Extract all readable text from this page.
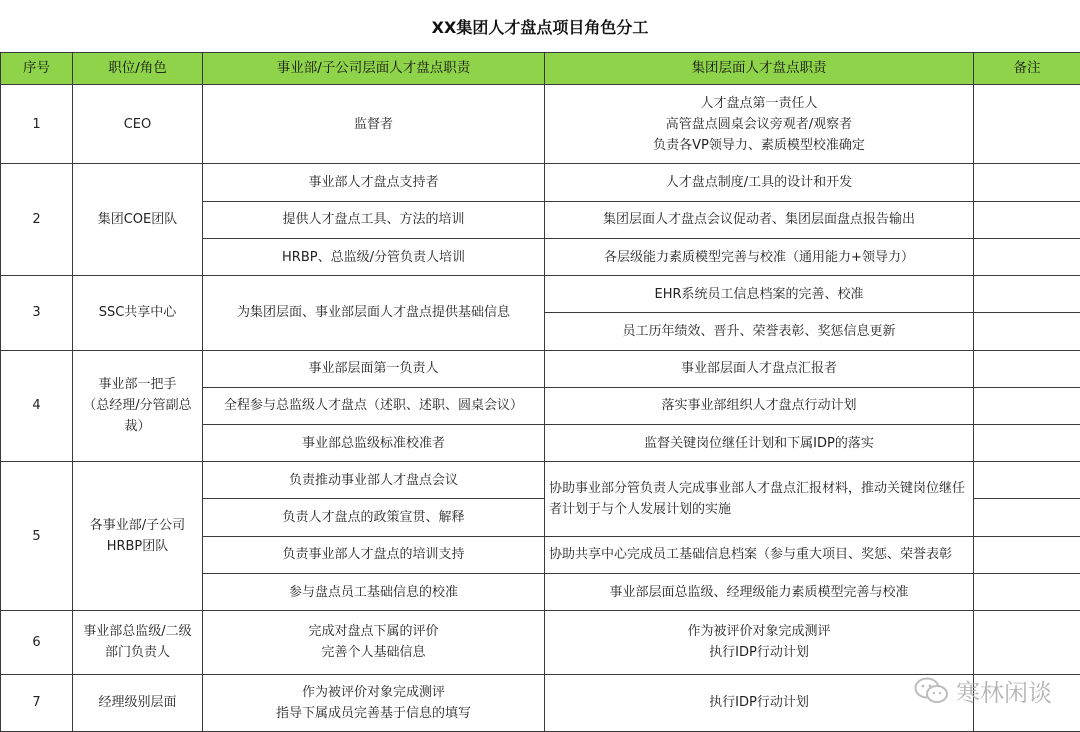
XX集团人才盘点项目角色分工
序号	职位/角色	事业部/子公司层面人才盘点职责	集团层面人才盘点职责	备注
1	CEO	监督者	人才盘点第一责任人
高管盘点圆桌会议旁观者/观察者
负责各VP领导力、素质模型校准确定	
2	集团COE团队	事业部人才盘点支持者	人才盘点制度/工具的设计和开发	
		提供人才盘点工具、方法的培训	集团层面人才盘点会议促动者、集团层面盘点报告输出	
		HRBP、总监级/分管负责人培训	各层级能力素质模型完善与校准（通用能力+领导力）	
3	SSC共享中心	为集团层面、事业部层面人才盘点提供基础信息	EHR系统员工信息档案的完善、校准	
			员工历年绩效、晋升、荣誉表彰、奖惩信息更新	
4	事业部一把手
（总经理/分管副总裁）	事业部层面第一负责人	事业部层面人才盘点汇报者	
		全程参与总监级人才盘点（述职、述职、圆桌会议）	落实事业部组织人才盘点行动计划	
		事业部总监级标准校准者	监督关键岗位继任计划和下属IDP的落实	
5	各事业部/子公司
HRBP团队	负责推动事业部人才盘点会议	协助事业部分管负责人完成事业部人才盘点汇报材料，推动关键岗位继任者计划于与个人发展计划的实施	
		负责人才盘点的政策宣贯、解释		
		负责事业部人才盘点的培训支持	协助共享中心完成员工基础信息档案（参与重大项目、奖惩、荣誉表彰	
		参与盘点员工基础信息的校准	事业部层面总监级、经理级能力素质模型完善与校准	
6	事业部总监级/二级部门负责人	完成对盘点下属的评价
完善个人基础信息	作为被评价对象完成测评
执行IDP行动计划	
7	经理级别层面	作为被评价对象完成测评
指导下属成员完善基于信息的填写	执行IDP行动计划		寒林闲谈
